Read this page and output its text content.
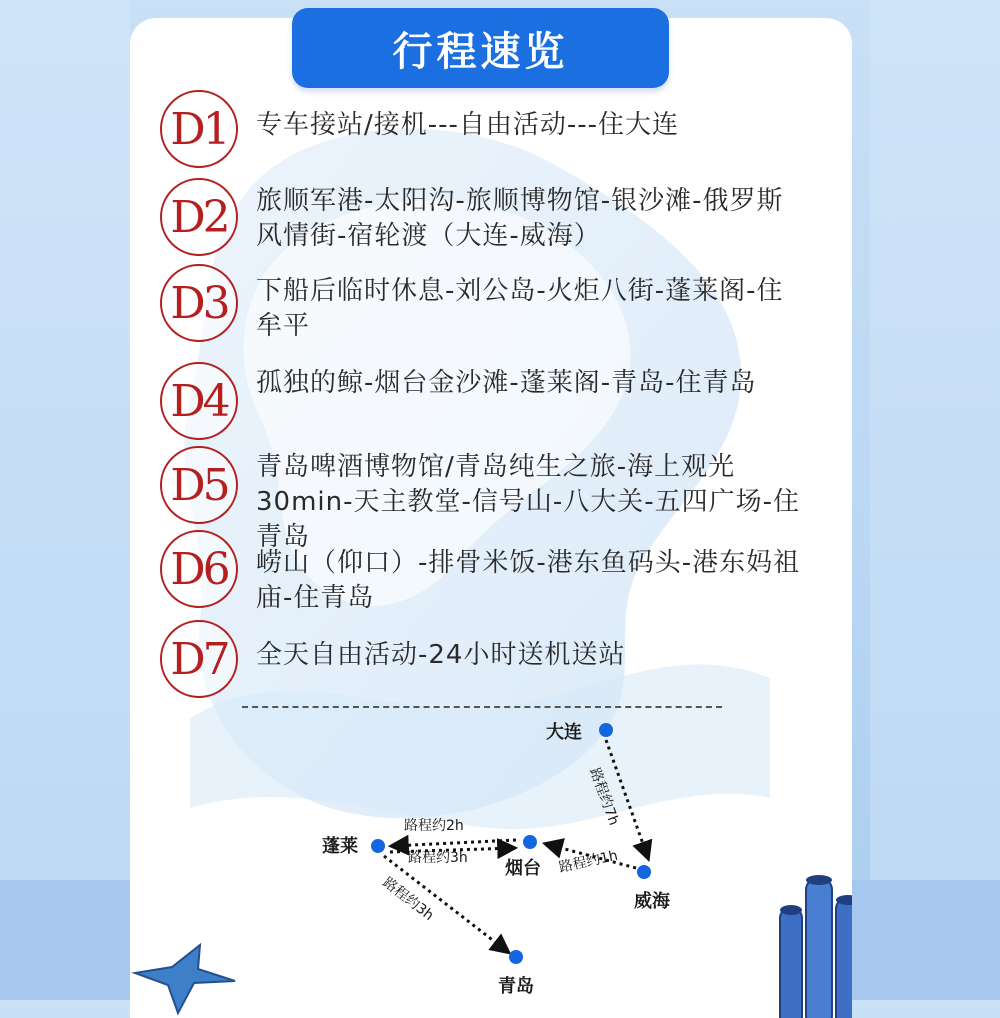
行程速览
D1 专车接站/接机---自由活动---住大连
D2 旅顺军港-太阳沟-旅顺博物馆-银沙滩-俄罗斯风情街-宿轮渡（大连-威海）
D3 下船后临时休息-刘公岛-火炬八街-蓬莱阁-住牟平
D4 孤独的鲸-烟台金沙滩-蓬莱阁-青岛-住青岛
D5 青岛啤酒博物馆/青岛纯生之旅-海上观光30min-天主教堂-信号山-八大关-五四广场-住青岛
D6 崂山（仰口）-排骨米饭-港东鱼码头-港东妈祖庙-住青岛
D7 全天自由活动-24小时送机送站
大连
威海
烟台
蓬莱
青岛
路程约7h
路程约1h
路程约2h
路程约3h
路程约3h
